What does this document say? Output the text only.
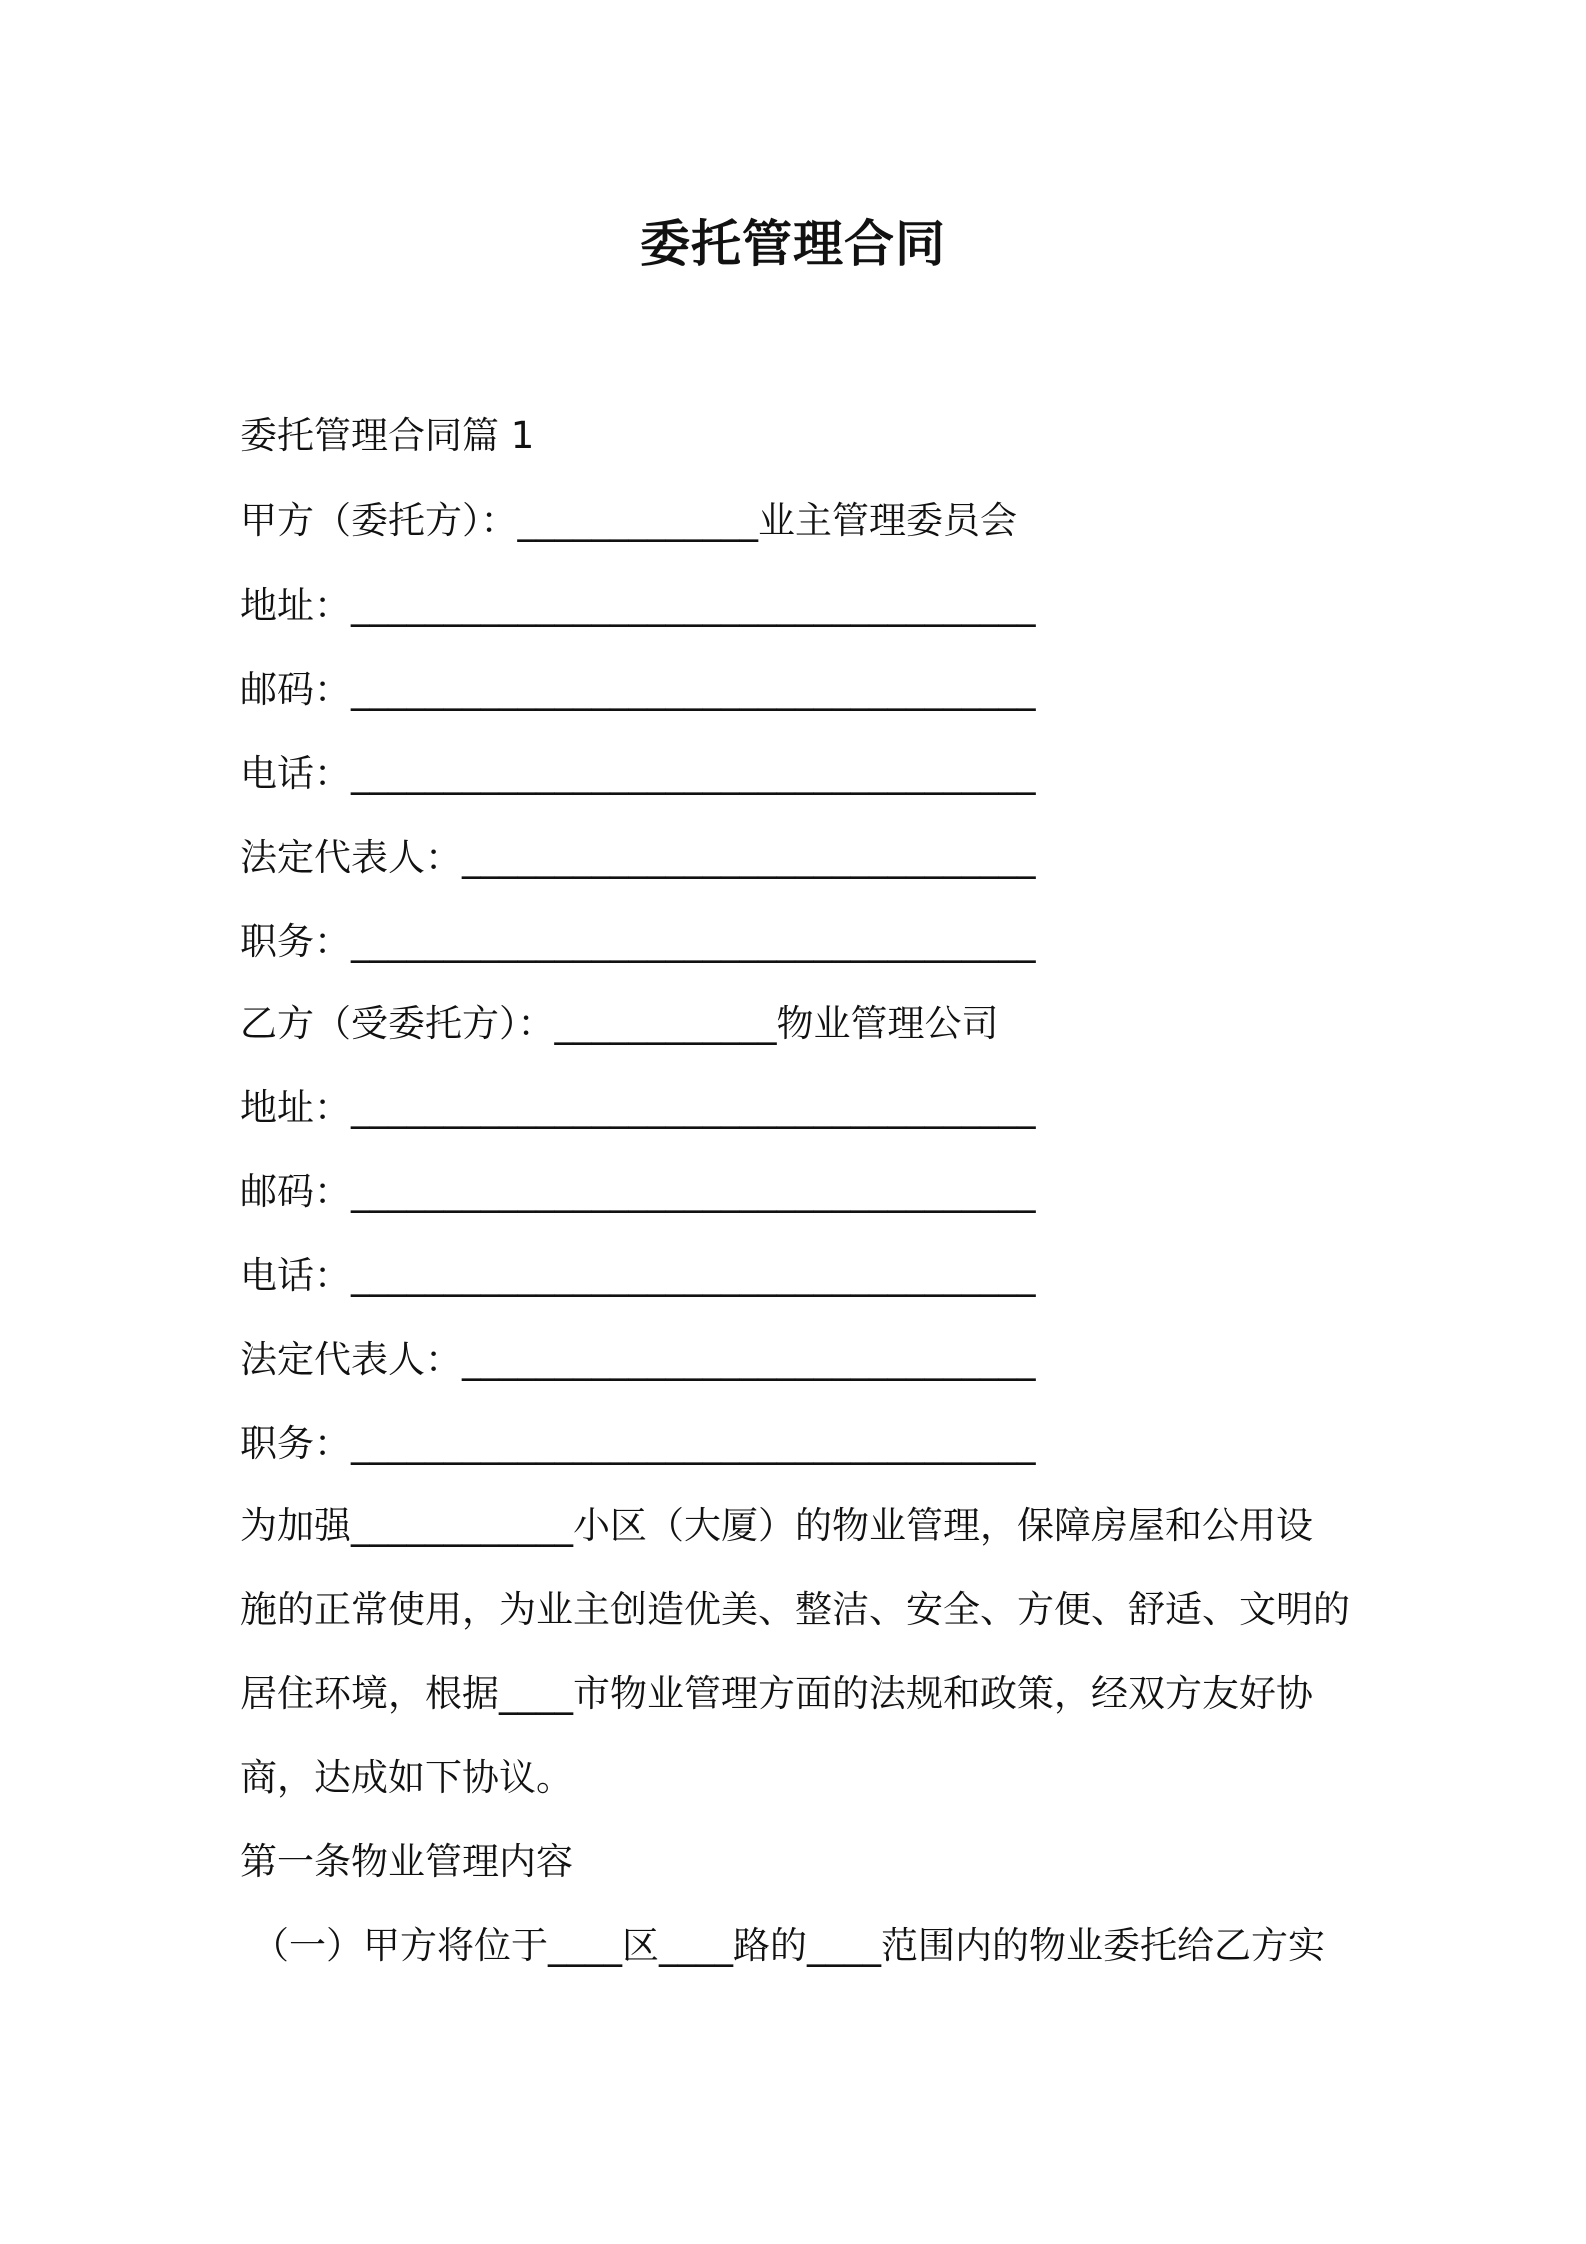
委托管理合同
委托管理合同篇 1
甲方（委托方）：_____________业主管理委员会
地址：_____________________________________
邮码：_____________________________________
电话：_____________________________________
法定代表人：_______________________________
职务：_____________________________________
乙方（受委托方）：____________物业管理公司
地址：_____________________________________
邮码：_____________________________________
电话：_____________________________________
法定代表人：_______________________________
职务：_____________________________________
为加强____________小区（大厦）的物业管理，保障房屋和公用设
施的正常使用，为业主创造优美、整洁、安全、方便、舒适、文明的
居住环境，根据____市物业管理方面的法规和政策，经双方友好协
商，达成如下协议。
第一条物业管理内容
（一）甲方将位于____区____路的____范围内的物业委托给乙方实
